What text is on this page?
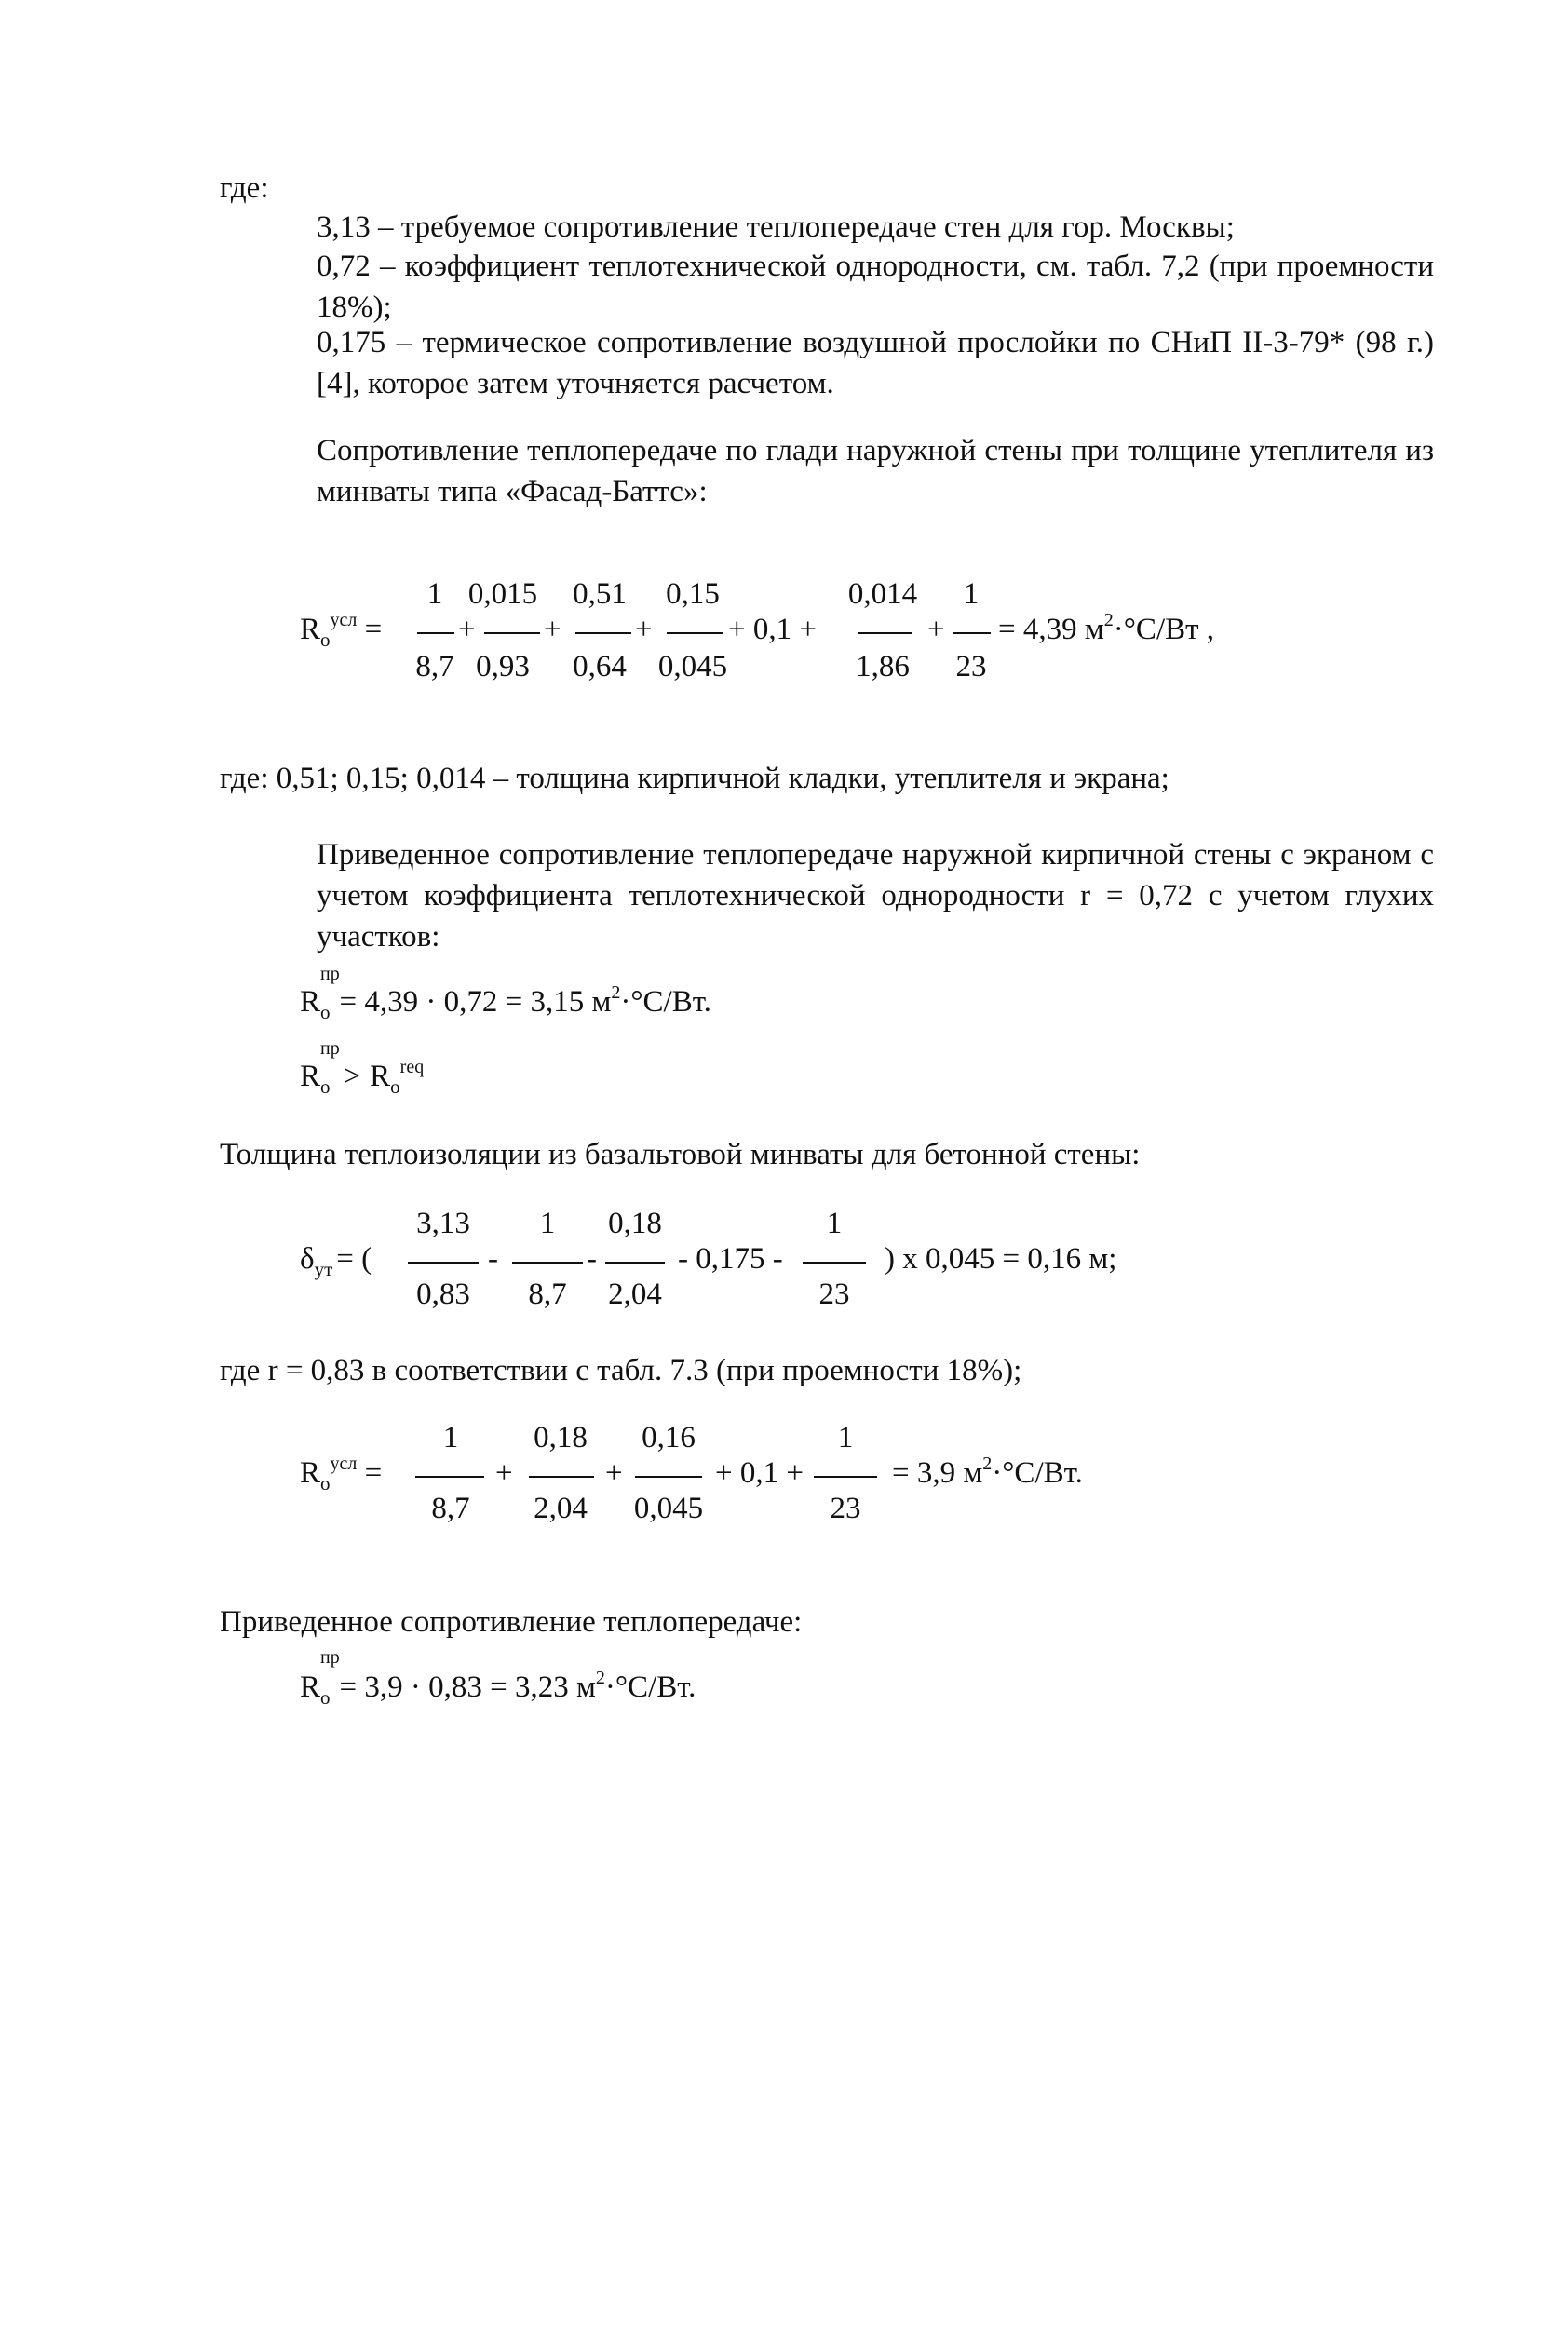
где:
3,13 – требуемое сопротивление теплопередаче стен для гор. Москвы;
0,72 – коэффициент теплотехнической однородности, см. табл. 7,2 (при проемности 18%);
0,175 – термическое сопротивление воздушной прослойки по СНиП II-3-79* (98 г.) [4], которое затем уточняется расчетом.
Сопротивление теплопередаче по глади наружной стены при толщине утеплителя из минваты типа «Фасад-Баттс»:
$R_o^{усл}$ =
1 0,015 0,51 0,15	0,014 1
+ + + + 0,1 +	+ = 4,39 $м^2\cdot^\circ С/Вт$ ,
8,7 0,93 0,64 0,045	1,86 23
где: 0,51; 0,15; 0,014 – толщина кирпичной кладки, утеплителя и экрана;
Приведенное сопротивление теплопередаче наружной кирпичной стены с экраном с учетом коэффициента теплотехнической однородности r = 0,72 с учетом глухих участков:
пр
$R_o = 4,39 \cdot 0,72 = 3,15$ $м^2\cdot^\circ С/Вт$.
пр
$R_o > R_o^{req}$
Толщина теплоизоляции из базальтовой минваты для бетонной стены:
$\delta_{ут}$ = (
3,13 1 0,18	1
-	-	- 0,175 -	) x 0,045 = 0,16 м;
0,83 8,7 2,04	23
где r = 0,83 в соответствии с табл. 7.3 (при проемности 18%);
$R_o^{усл}$ =
1 0,18 0,16	1
+	+	+ 0,1 +	= 3,9 $м^2\cdot^\circ С/Вт$.
8,7 2,04 0,045	23
Приведенное сопротивление теплопередаче:
пр
$R_o = 3,9 \cdot 0,83 = 3,23$ $м^2\cdot^\circ С/Вт$.
